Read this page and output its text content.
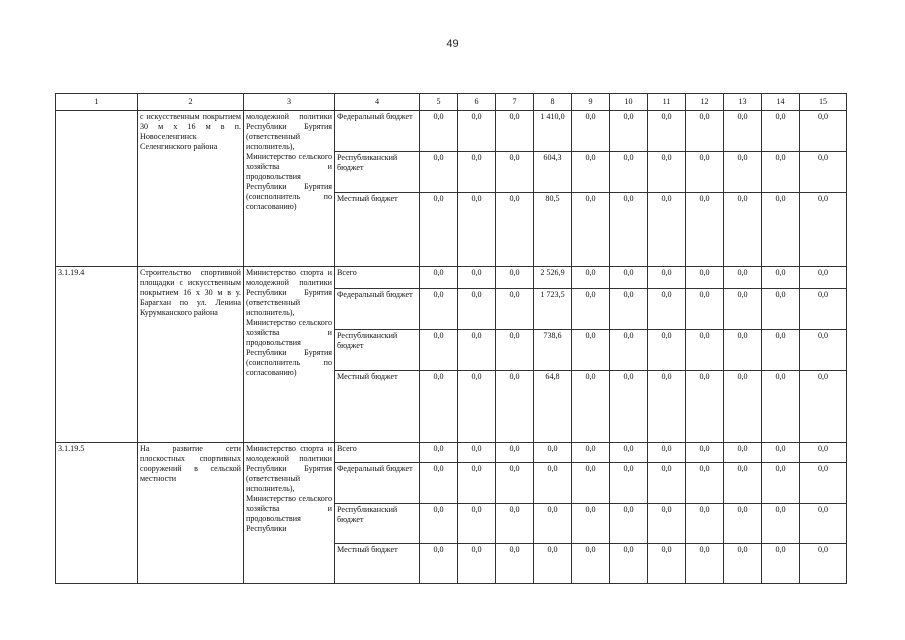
49
1	2	3	4	5	6	7	8	9	10	11	12	13	14	15
	с искусственным покрытием 30 м х 16 м в п. Новоселенгинск Селенгинского района	молодежной политики Республики Бурятия (ответственный исполнитель), Министерство сельского хозяйства и продовольствия Республики Бурятия (соисполнитель по согласованию)	Федеральный бюджет	0,0	0,0	0,0	1 410,0	0,0	0,0	0,0	0,0	0,0	0,0	0,0
			Республиканский бюджет	0,0	0,0	0,0	604,3	0,0	0,0	0,0	0,0	0,0	0,0	0,0
			Местный бюджет	0,0	0,0	0,0	80,5	0,0	0,0	0,0	0,0	0,0	0,0	0,0
3.1.19.4	Строительство спортивной площадки с искусственным покрытием 16 х 30 м в у. Барагхан по ул. Ленина Курумканского района	Министерство спорта и молодежной политики Республики Бурятия (ответственный исполнитель), Министерство сельского хозяйства и продовольствия Республики Бурятия (соисполнитель по согласованию)	Всего	0,0	0,0	0,0	2 526,9	0,0	0,0	0,0	0,0	0,0	0,0	0,0
			Федеральный бюджет	0,0	0,0	0,0	1 723,5	0,0	0,0	0,0	0,0	0,0	0,0	0,0
			Республиканский бюджет	0,0	0,0	0,0	738,6	0,0	0,0	0,0	0,0	0,0	0,0	0,0
			Местный бюджет	0,0	0,0	0,0	64,8	0,0	0,0	0,0	0,0	0,0	0,0	0,0
3.1.19.5	На развитие сети плоскостных спортивных сооружений в сельской местности	Министерство спорта и молодежной политики Республики Бурятия (ответственный исполнитель), Министерство сельского хозяйства и продовольствия Республики	Всего	0,0	0,0	0,0	0,0	0,0	0,0	0,0	0,0	0,0	0,0	0,0
			Федеральный бюджет	0,0	0,0	0,0	0,0	0,0	0,0	0,0	0,0	0,0	0,0	0,0
			Республиканский бюджет	0,0	0,0	0,0	0,0	0,0	0,0	0,0	0,0	0,0	0,0	0,0
			Местный бюджет	0,0	0,0	0,0	0,0	0,0	0,0	0,0	0,0	0,0	0,0	0,0
